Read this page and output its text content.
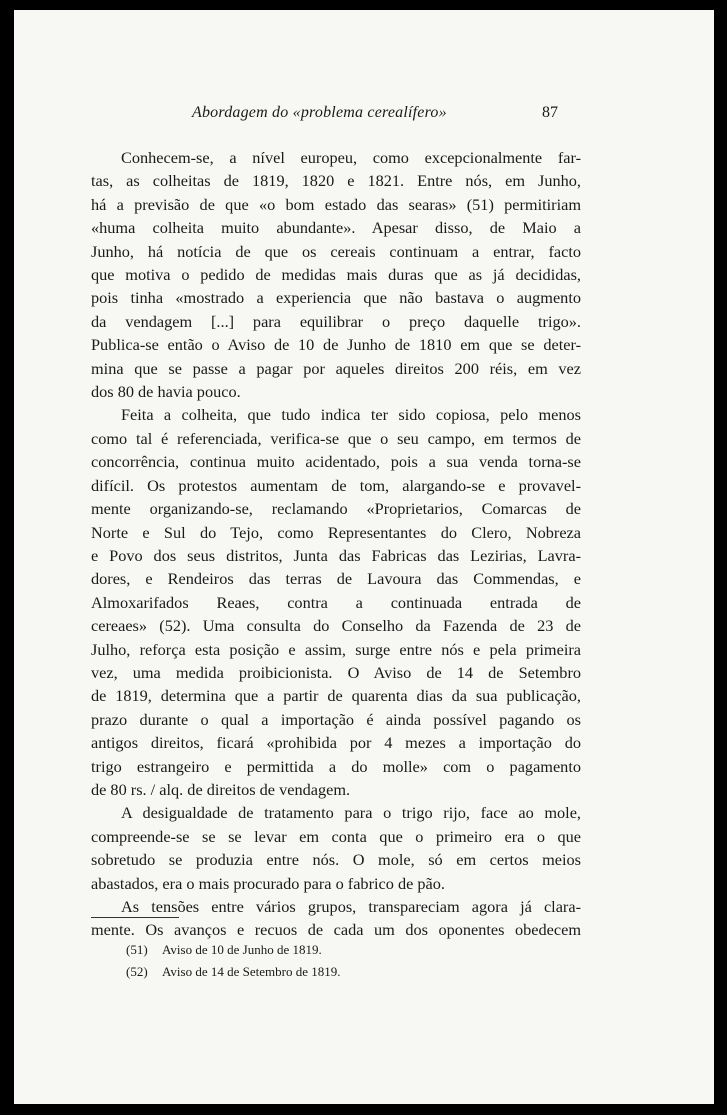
Abordagem do «problema cerealífero»	87
Conhecem-se, a nível europeu, como excepcionalmente far-
tas, as colheitas de 1819, 1820 e 1821. Entre nós, em Junho,
há a previsão de que «o bom estado das searas» (51) permitiriam
«huma colheita muito abundante». Apesar disso, de Maio a
Junho, há notícia de que os cereais continuam a entrar, facto
que motiva o pedido de medidas mais duras que as já decididas,
pois tinha «mostrado a experiencia que não bastava o augmento
da vendagem [...] para equilibrar o preço daquelle trigo».
Publica-se então o Aviso de 10 de Junho de 1810 em que se deter-
mina que se passe a pagar por aqueles direitos 200 réis, em vez
dos 80 de havia pouco.
Feita a colheita, que tudo indica ter sido copiosa, pelo menos
como tal é referenciada, verifica-se que o seu campo, em termos de
concorrência, continua muito acidentado, pois a sua venda torna-se
difícil. Os protestos aumentam de tom, alargando-se e provavel-
mente organizando-se, reclamando «Proprietarios, Comarcas de
Norte e Sul do Tejo, como Representantes do Clero, Nobreza
e Povo dos seus distritos, Junta das Fabricas das Lezirias, Lavra-
dores, e Rendeiros das terras de Lavoura das Commendas, e
Almoxarifados Reaes, contra a continuada entrada de
cereaes» (52). Uma consulta do Conselho da Fazenda de 23 de
Julho, reforça esta posição e assim, surge entre nós e pela primeira
vez, uma medida proibicionista. O Aviso de 14 de Setembro
de 1819, determina que a partir de quarenta dias da sua publicação,
prazo durante o qual a importação é ainda possível pagando os
antigos direitos, ficará «prohibida por 4 mezes a importação do
trigo estrangeiro e permittida a do molle» com o pagamento
de 80 rs. / alq. de direitos de vendagem.
A desigualdade de tratamento para o trigo rijo, face ao mole,
compreende-se se se levar em conta que o primeiro era o que
sobretudo se produzia entre nós. O mole, só em certos meios
abastados, era o mais procurado para o fabrico de pão.
As tensões entre vários grupos, transpareciam agora já clara-
mente. Os avanços e recuos de cada um dos oponentes obedecem
(51) Aviso de 10 de Junho de 1819.
(52) Aviso de 14 de Setembro de 1819.
